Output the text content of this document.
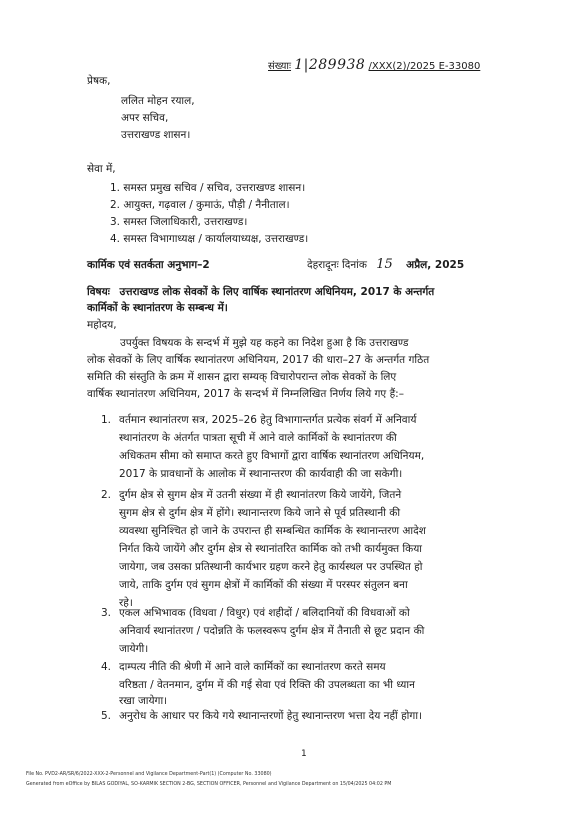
संख्याः 1|289938 /XXX(2)/2025 E-33080
प्रेषक,
ललित मोहन रयाल,
अपर सचिव,
उत्तराखण्ड शासन।
सेवा में,
1. समस्त प्रमुख सचिव / सचिव, उत्तराखण्ड शासन।
2. आयुक्त, गढ़वाल / कुमाऊं, पौड़ी / नैनीताल।
3. समस्त जिलाधिकारी, उत्तराखण्ड।
4. समस्त विभागाध्यक्ष / कार्यालयाध्यक्ष, उत्तराखण्ड।
कार्मिक एवं सतर्कता अनुभाग–2	देहरादूनः दिनांक 15 अप्रैल, 2025
विषयः उत्तराखण्ड लोक सेवकों के लिए वार्षिक स्थानांतरण अधिनियम, 2017 के अन्तर्गत
कार्मिकों के स्थानांतरण के सम्बन्ध में।
महोदय,
उपर्युक्त विषयक के सन्दर्भ में मुझे यह कहने का निदेश हुआ है कि उत्तराखण्ड
लोक सेवकों के लिए वार्षिक स्थानांतरण अधिनियम, 2017 की धारा–27 के अन्तर्गत गठित
समिति की संस्तुति के क्रम में शासन द्वारा सम्यक् विचारोपरान्त लोक सेवकों के लिए
वार्षिक स्थानांतरण अधिनियम, 2017 के सन्दर्भ में निम्नलिखित निर्णय लिये गए हैं:–
1. वर्तमान स्थानांतरण सत्र, 2025–26 हेतु विभागान्तर्गत प्रत्येक संवर्ग में अनिवार्य
स्थानांतरण के अंतर्गत पात्रता सूची में आने वाले कार्मिकों के स्थानांतरण की
अधिकतम सीमा को समाप्त करते हुए विभागों द्वारा वार्षिक स्थानांतरण अधिनियम,
2017 के प्रावधानों के आलोक में स्थानान्तरण की कार्यवाही की जा सकेगी।
2. दुर्गम क्षेत्र से सुगम क्षेत्र में उतनी संख्या में ही स्थानांतरण किये जायेंगे, जितने
सुगम क्षेत्र से दुर्गम क्षेत्र में होंगे। स्थानान्तरण किये जाने से पूर्व प्रतिस्थानी की
व्यवस्था सुनिश्चित हो जाने के उपरान्त ही सम्बन्धित कार्मिक के स्थानान्तरण आदेश
निर्गत किये जायेंगे और दुर्गम क्षेत्र से स्थानांतरित कार्मिक को तभी कार्यमुक्त किया
जायेगा, जब उसका प्रतिस्थानी कार्यभार ग्रहण करने हेतु कार्यस्थल पर उपस्थित हो
जाये, ताकि दुर्गम एवं सुगम क्षेत्रों में कार्मिकों की संख्या में परस्पर संतुलन बना
रहे।
3. एकल अभिभावक (विधवा / विधुर) एवं शहीदों / बलिदानियों की विधवाओं को
अनिवार्य स्थानांतरण / पदोन्नति के फलस्वरूप दुर्गम क्षेत्र में तैनाती से छूट प्रदान की
जायेगी।
4. दाम्पत्य नीति की श्रेणी में आने वाले कार्मिकों का स्थानांतरण करते समय
वरिष्ठता / वेतनमान, दुर्गम में की गई सेवा एवं रिक्ति की उपलब्धता का भी ध्यान
रखा जायेगा।
5. अनुरोध के आधार पर किये गये स्थानान्तरणों हेतु स्थानान्तरण भत्ता देय नहीं होगा।
1
File No. PVD2-AR/SR/6/2022-XXX-2-Personnel and Vigilance Department-Part(1) (Computer No. 33080)
Generated from eOffice by BILAS GODIYAL, SO-KARMIK SECTION 2-BG, SECTION OFFICER, Personnel and Vigilance Department on 15/04/2025 04:02 PM
